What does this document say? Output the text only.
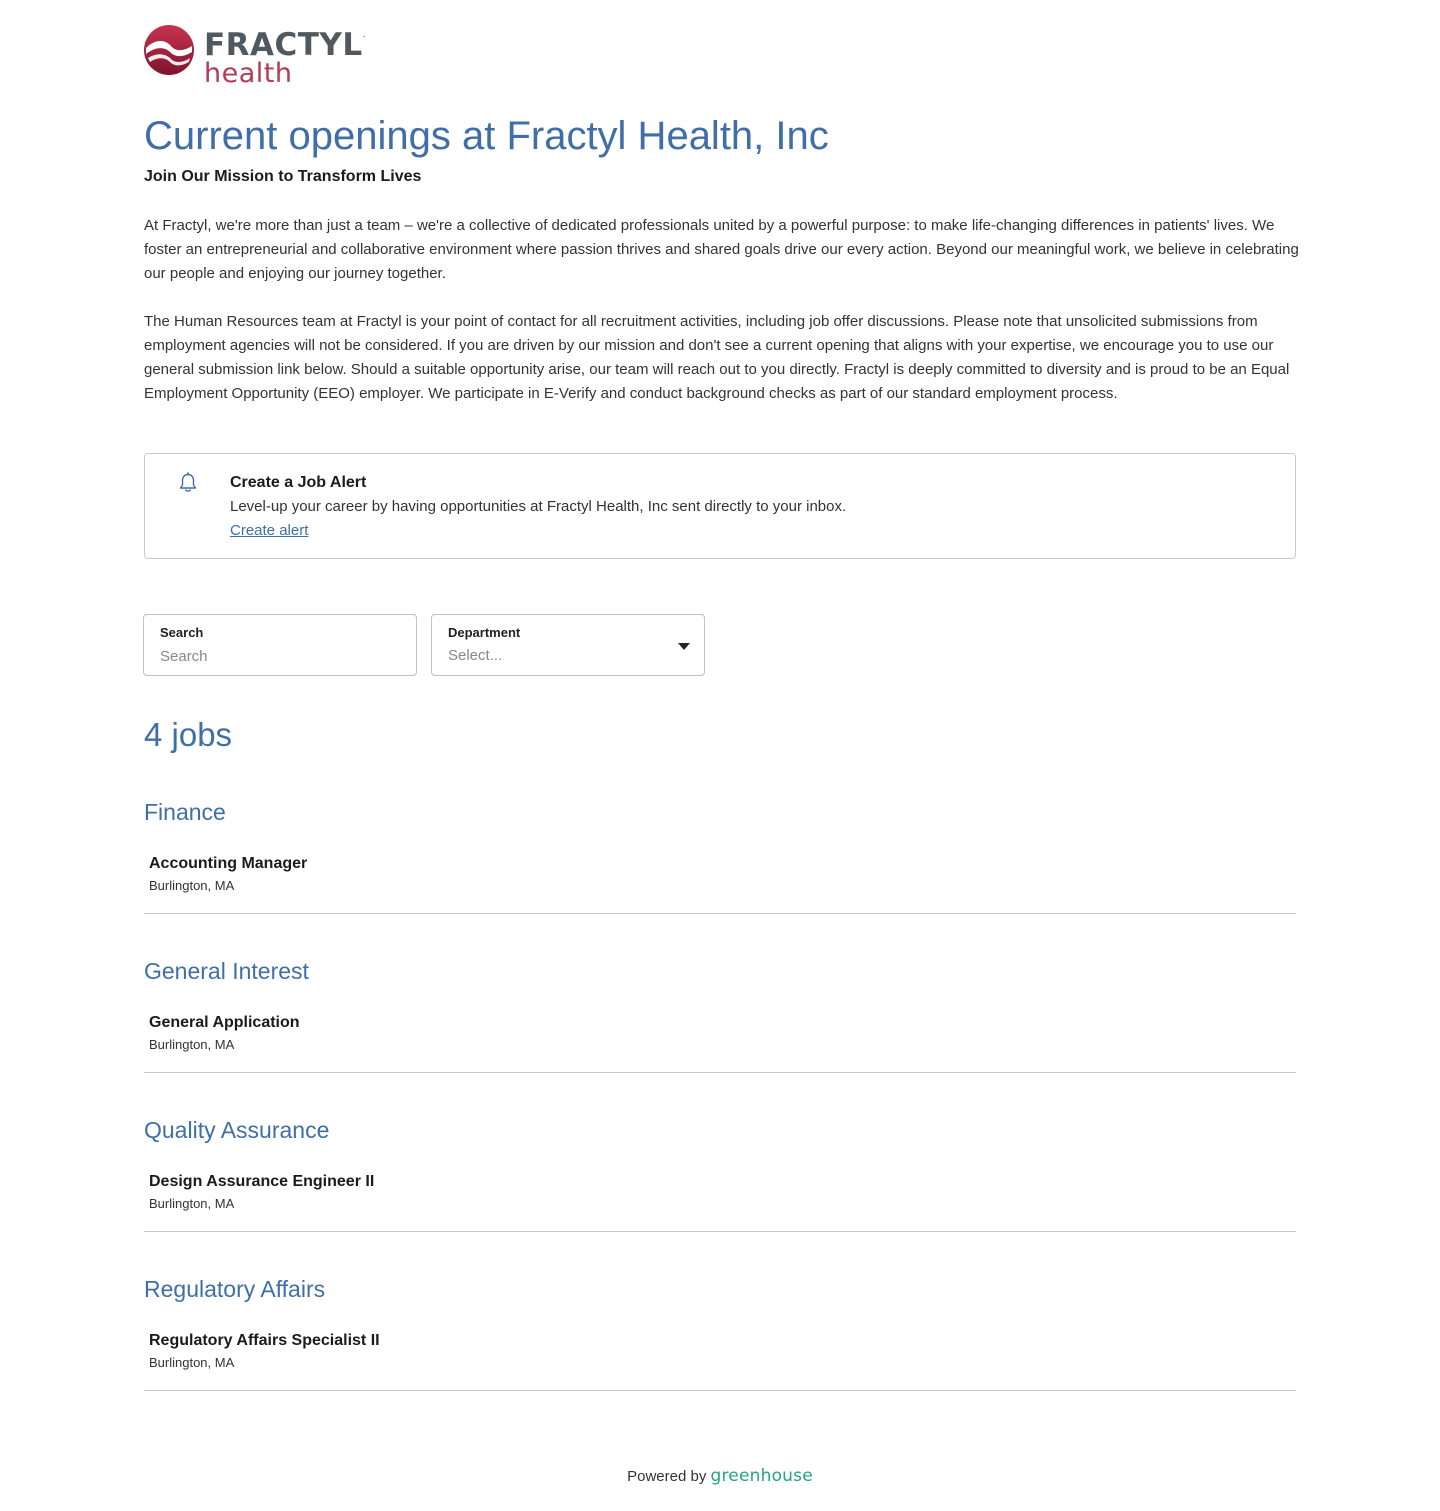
FRACTYL.
health
Current openings at Fractyl Health, Inc
Join Our Mission to Transform Lives

At Fractyl, we're more than just a team – we're a collective of dedicated professionals united by a powerful purpose: to make life-changing differences in patients' lives. We foster an entrepreneurial and collaborative environment where passion thrives and shared goals drive our every action. Beyond our meaningful work, we believe in celebrating our people and enjoying our journey together.

The Human Resources team at Fractyl is your point of contact for all recruitment activities, including job offer discussions. Please note that unsolicited submissions from employment agencies will not be considered. If you are driven by our mission and don't see a current opening that aligns with your expertise, we encourage you to use our general submission link below. Should a suitable opportunity arise, our team will reach out to you directly. Fractyl is deeply committed to diversity and is proud to be an Equal Employment Opportunity (EEO) employer. We participate in E-Verify and conduct background checks as part of our standard employment process.

Create a Job Alert
Level-up your career by having opportunities at Fractyl Health, Inc sent directly to your inbox.
Create alert
Search
Search	Department
Select...
4 jobs
Finance
Accounting Manager
Burlington, MA
General Interest
General Application
Burlington, MA
Quality Assurance
Design Assurance Engineer II
Burlington, MA
Regulatory Affairs
Regulatory Affairs Specialist II
Burlington, MA
Powered by greenhouse
